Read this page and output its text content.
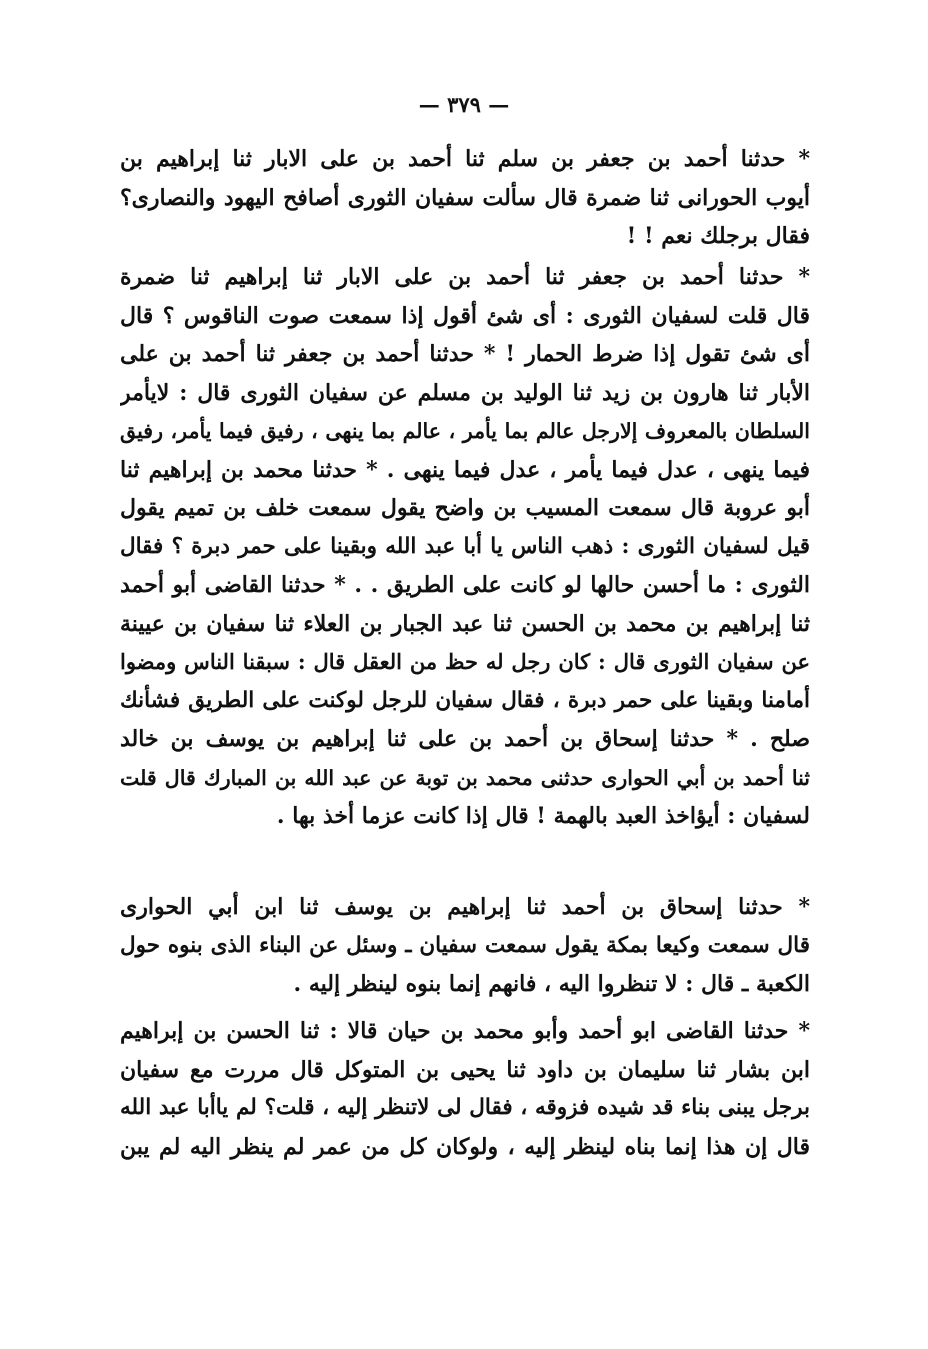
— ٣٧٩ —
* حدثنا أحمد بن جعفر بن سلم ثنا أحمد بن على الابار ثنا إبراهيم بن
أيوب الحورانى ثنا ضمرة قال سألت سفيان الثورى أصافح اليهود والنصارى؟
فقال برجلك نعم ! !
* حدثنا أحمد بن جعفر ثنا أحمد بن على الابار ثنا إبراهيم ثنا ضمرة
قال قلت لسفيان الثورى : أى شئ أقول إذا سمعت صوت الناقوس ؟ قال
أى شئ تقول إذا ضرط الحمار ! * حدثنا أحمد بن جعفر ثنا أحمد بن على
الأبار ثنا هارون بن زيد ثنا الوليد بن مسلم عن سفيان الثورى قال : لايأمر
السلطان بالمعروف إلارجل عالم بما يأمر ، عالم بما ينهى ، رفيق فيما يأمر، رفيق
فيما ينهى ، عدل فيما يأمر ، عدل فيما ينهى . * حدثنا محمد بن إبراهيم ثنا
أبو عروبة قال سمعت المسيب بن واضح يقول سمعت خلف بن تميم يقول
قيل لسفيان الثورى : ذهب الناس يا أبا عبد الله وبقينا على حمر دبرة ؟ فقال
الثورى : ما أحسن حالها لو كانت على الطريق . . * حدثنا القاضى أبو أحمد
ثنا إبراهيم بن محمد بن الحسن ثنا عبد الجبار بن العلاء ثنا سفيان بن عيينة
عن سفيان الثورى قال : كان رجل له حظ من العقل قال : سبقنا الناس ومضوا
أمامنا وبقينا على حمر دبرة ، فقال سفيان للرجل لوكنت على الطريق فشأنك
صلح . * حدثنا إسحاق بن أحمد بن على ثنا إبراهيم بن يوسف بن خالد
ثنا أحمد بن أبي الحوارى حدثنى محمد بن توبة عن عبد الله بن المبارك قال قلت
لسفيان : أيؤاخذ العبد بالهمة ! قال إذا كانت عزما أخذ بها .
* حدثنا إسحاق بن أحمد ثنا إبراهيم بن يوسف ثنا ابن أبي الحوارى
قال سمعت وكيعا بمكة يقول سمعت سفيان ـ وسئل عن البناء الذى بنوه حول
الكعبة ـ قال : لا تنظروا اليه ، فانهم إنما بنوه لينظر إليه .
* حدثنا القاضى ابو أحمد وأبو محمد بن حيان قالا : ثنا الحسن بن إبراهيم
ابن بشار ثنا سليمان بن داود ثنا يحيى بن المتوكل قال مررت مع سفيان
برجل يبنى بناء قد شيده فزوقه ، فقال لى لاتنظر إليه ، قلت؟ لم ياأبا عبد الله
قال إن هذا إنما بناه لينظر إليه ، ولوكان كل من عمر لم ينظر اليه لم يبن
